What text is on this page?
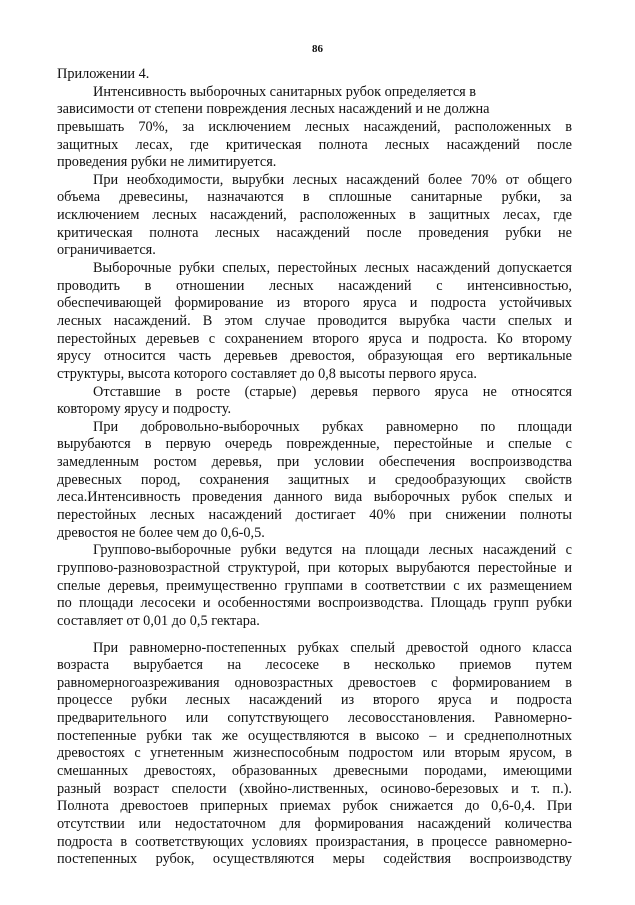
86
Приложении 4.
Интенсивность выборочных санитарных рубок определяется в
зависимости от степени повреждения лесных насаждений и не должна
превышать 70%, за исключением лесных насаждений, расположенных в
защитных лесах, где критическая полнота лесных насаждений после
проведения рубки не лимитируется.
При необходимости, вырубки лесных насаждений более 70% от общего
объема древесины, назначаются в сплошные санитарные рубки, за
исключением лесных насаждений, расположенных в защитных лесах, где
критическая полнота лесных насаждений после проведения рубки не
ограничивается.
Выборочные рубки спелых, перестойных лесных насаждений допускается
проводить в отношении лесных насаждений с интенсивностью,
обеспечивающей формирование из второго яруса и подроста устойчивых
лесных насаждений. В этом случае проводится вырубка части спелых и
перестойных деревьев с сохранением второго яруса и подроста. Ко второму
ярусу относится часть деревьев древостоя, образующая его вертикальные
структуры, высота которого составляет до 0,8 высоты первого яруса.
Отставшие в росте (старые) деревья первого яруса не относятся
ковтopoмy ярусу и подросту.
При добровольно-выборочных рубках равномерно по площади
вырубаются в первую очередь поврежденные, перестойные и спелые с
замедленным ростом деревья, при условии обеспечения воспроизводства
древесных пород, сохранения защитных и средообразующих свойств
леса.Интенсивность проведения данного вида выборочных рубок спелых и
перестойных лесных насаждений достигает 40% при снижении полноты
древостоя не более чем до 0,6-0,5.
Группово-выборочные рубки ведутся на площади лесных насаждений с
группово-разновозрастной структурой, при которых вырубаются перестойные и
спелые деревья, преимущественно группами в соответствии с их размещением
по площади лесосеки и особенностями воспроизводства. Площадь групп рубки
составляет от 0,01 до 0,5 гектара.
При равномерно-постепенных рубках спелый древостой одного класса
возраста вырубается на лесосеке в несколько приемов путем
равномерногоазреживания одновозрастных древостоев с формированием в
процессе рубки лесных насаждений из второго яруса и подроста
предварительного или сопутствующего лесовосстановления. Равномерно-
постепенные рубки так же осуществляются в высоко – и среднеполнотных
древостоях с угнетенным жизнеспособным подростом или вторым ярусом, в
смешанных древостоях, образованных древесными породами, имеющими
разный возраст спелости (хвойно-лиственных, осиново-березовых и т. п.).
Полнота древостоев приперных приемах рубок снижается до 0,6-0,4. При
отсутствии или недостаточном для формирования насаждений количества
подроста в соответствующих условиях произрастания, в процессе равномерно-
постепенных рубок, осуществляются меры содействия воспроизводству
